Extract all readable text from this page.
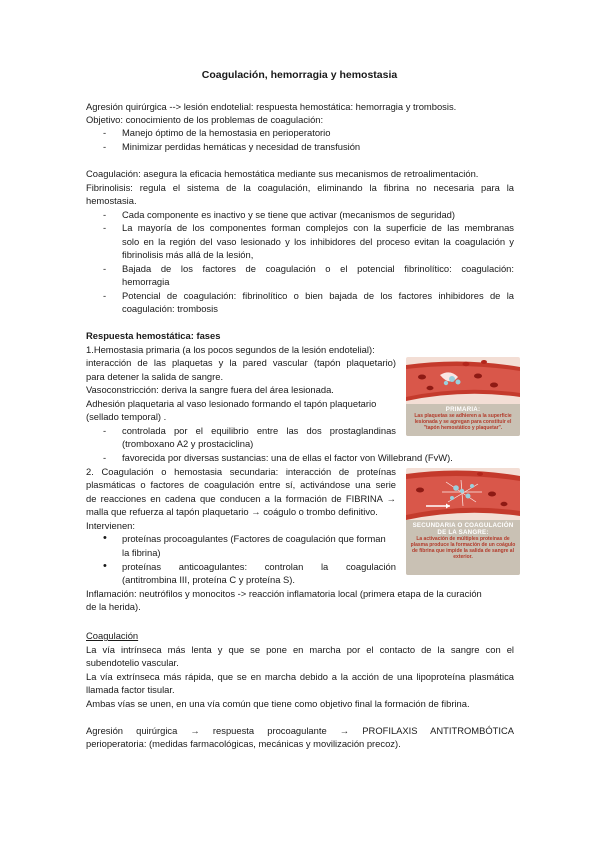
Coagulación, hemorragia y hemostasia
Agresión quirúrgica --> lesión endotelial: respuesta hemostática: hemorragia y trombosis.
Objetivo: conocimiento de los problemas de coagulación:
- Manejo óptimo de la hemostasia en perioperatorio
- Minimizar perdidas hemáticas y necesidad de transfusión
Coagulación: asegura la eficacia hemostática mediante sus mecanismos de retroalimentación.
Fibrinolisis: regula el sistema de la coagulación, eliminando la fibrina no necesaria para la
hemostasia.
- Cada componente es inactivo y se tiene que activar (mecanismos de seguridad)
- La mayoría de los componentes forman complejos con la superficie de las membranas
solo en la región del vaso lesionado y los inhibidores del proceso evitan la coagulación y
fibrinolisis más allá de la lesión,
- Bajada de los factores de coagulación o el potencial fibrinolítico: coagulación:
hemorragia
- Potencial de coagulación: fibrinolítico o bien bajada de los factores inhibidores de la
coagulación: trombosis
Respuesta hemostática: fases
1.Hemostasia primaria (a los pocos segundos de la lesión endotelial):
interacción de las plaquetas y la pared vascular (tapón plaquetario)
para detener la salida de sangre.
Vasoconstricción: deriva la sangre fuera del área lesionada.
Adhesión plaquetaria al vaso lesionado formando el tapón plaquetario
(sellado temporal) .
- controlada por el equilibrio entre las dos prostaglandinas
(tromboxano A2 y prostaciclina)
- favorecida por diversas sustancias: una de ellas el factor von Willebrand (FvW).
2. Coagulación o hemostasia secundaria: interacción de proteínas
plasmáticas o factores de coagulación entre sí, activándose una serie
de reacciones en cadena que conducen a la formación de FIBRINA →
malla que refuerza al tapón plaquetario → coágulo o trombo definitivo.
Intervienen:
• proteínas procoagulantes (Factores de coagulación que forman
la fibrina)
• proteínas anticoagulantes: controlan la coagulación
(antitrombina III, proteína C y proteína S).
Inflamación: neutrófilos y monocitos -> reacción inflamatoria local (primera etapa de la curación
de la herida).
PRIMARIA:
Las plaquetas se adhieren a la superficie lesionada y se agregan para constituir el "tapón hemostático y plaquetar".
SECUNDARIA O COAGULACIÓN DE LA SANGRE:
La activación de múltiples proteínas de plasma produce la formación de un coágulo de fibrina que impide la salida de sangre al exterior.
Coagulación
La vía intrínseca más lenta y que se pone en marcha por el contacto de la sangre con el
subendotelio vascular.
La vía extrínseca más rápida, que se en marcha debido a la acción de una lipoproteína plasmática
llamada factor tisular.
Ambas vías se unen, en una vía común que tiene como objetivo final la formación de fibrina.
Agresión quirúrgica → respuesta procoagulante → PROFILAXIS ANTITROMBÓTICA
perioperatoria: (medidas farmacológicas, mecánicas y movilización precoz).
